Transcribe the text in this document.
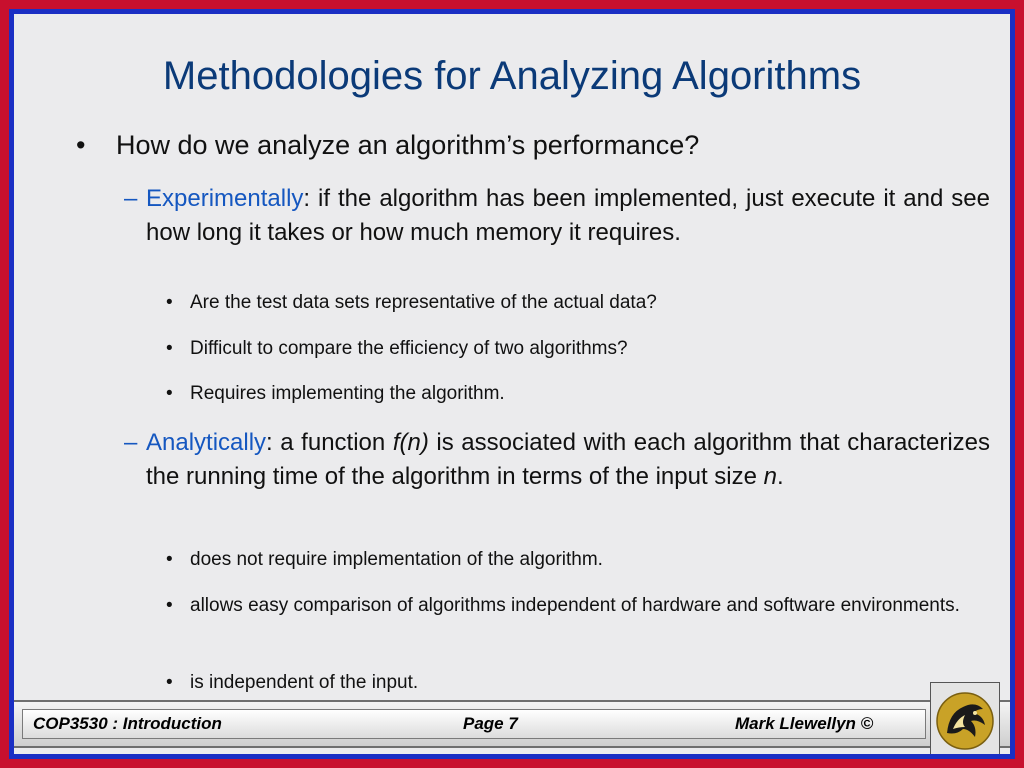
Methodologies for Analyzing Algorithms
• How do we analyze an algorithm’s performance?
– Experimentally: if the algorithm has been implemented, just execute it and see how long it takes or how much memory it requires.
• Are the test data sets representative of the actual data?
• Difficult to compare the efficiency of two algorithms?
• Requires implementing the algorithm.
– Analytically: a function f(n) is associated with each algorithm that characterizes the running time of the algorithm in terms of the input size n.
• does not require implementation of the algorithm.
• allows easy comparison of algorithms independent of hardware and software environments.
• is independent of the input.
COP3530 : Introduction	Page 7	Mark Llewellyn ©
